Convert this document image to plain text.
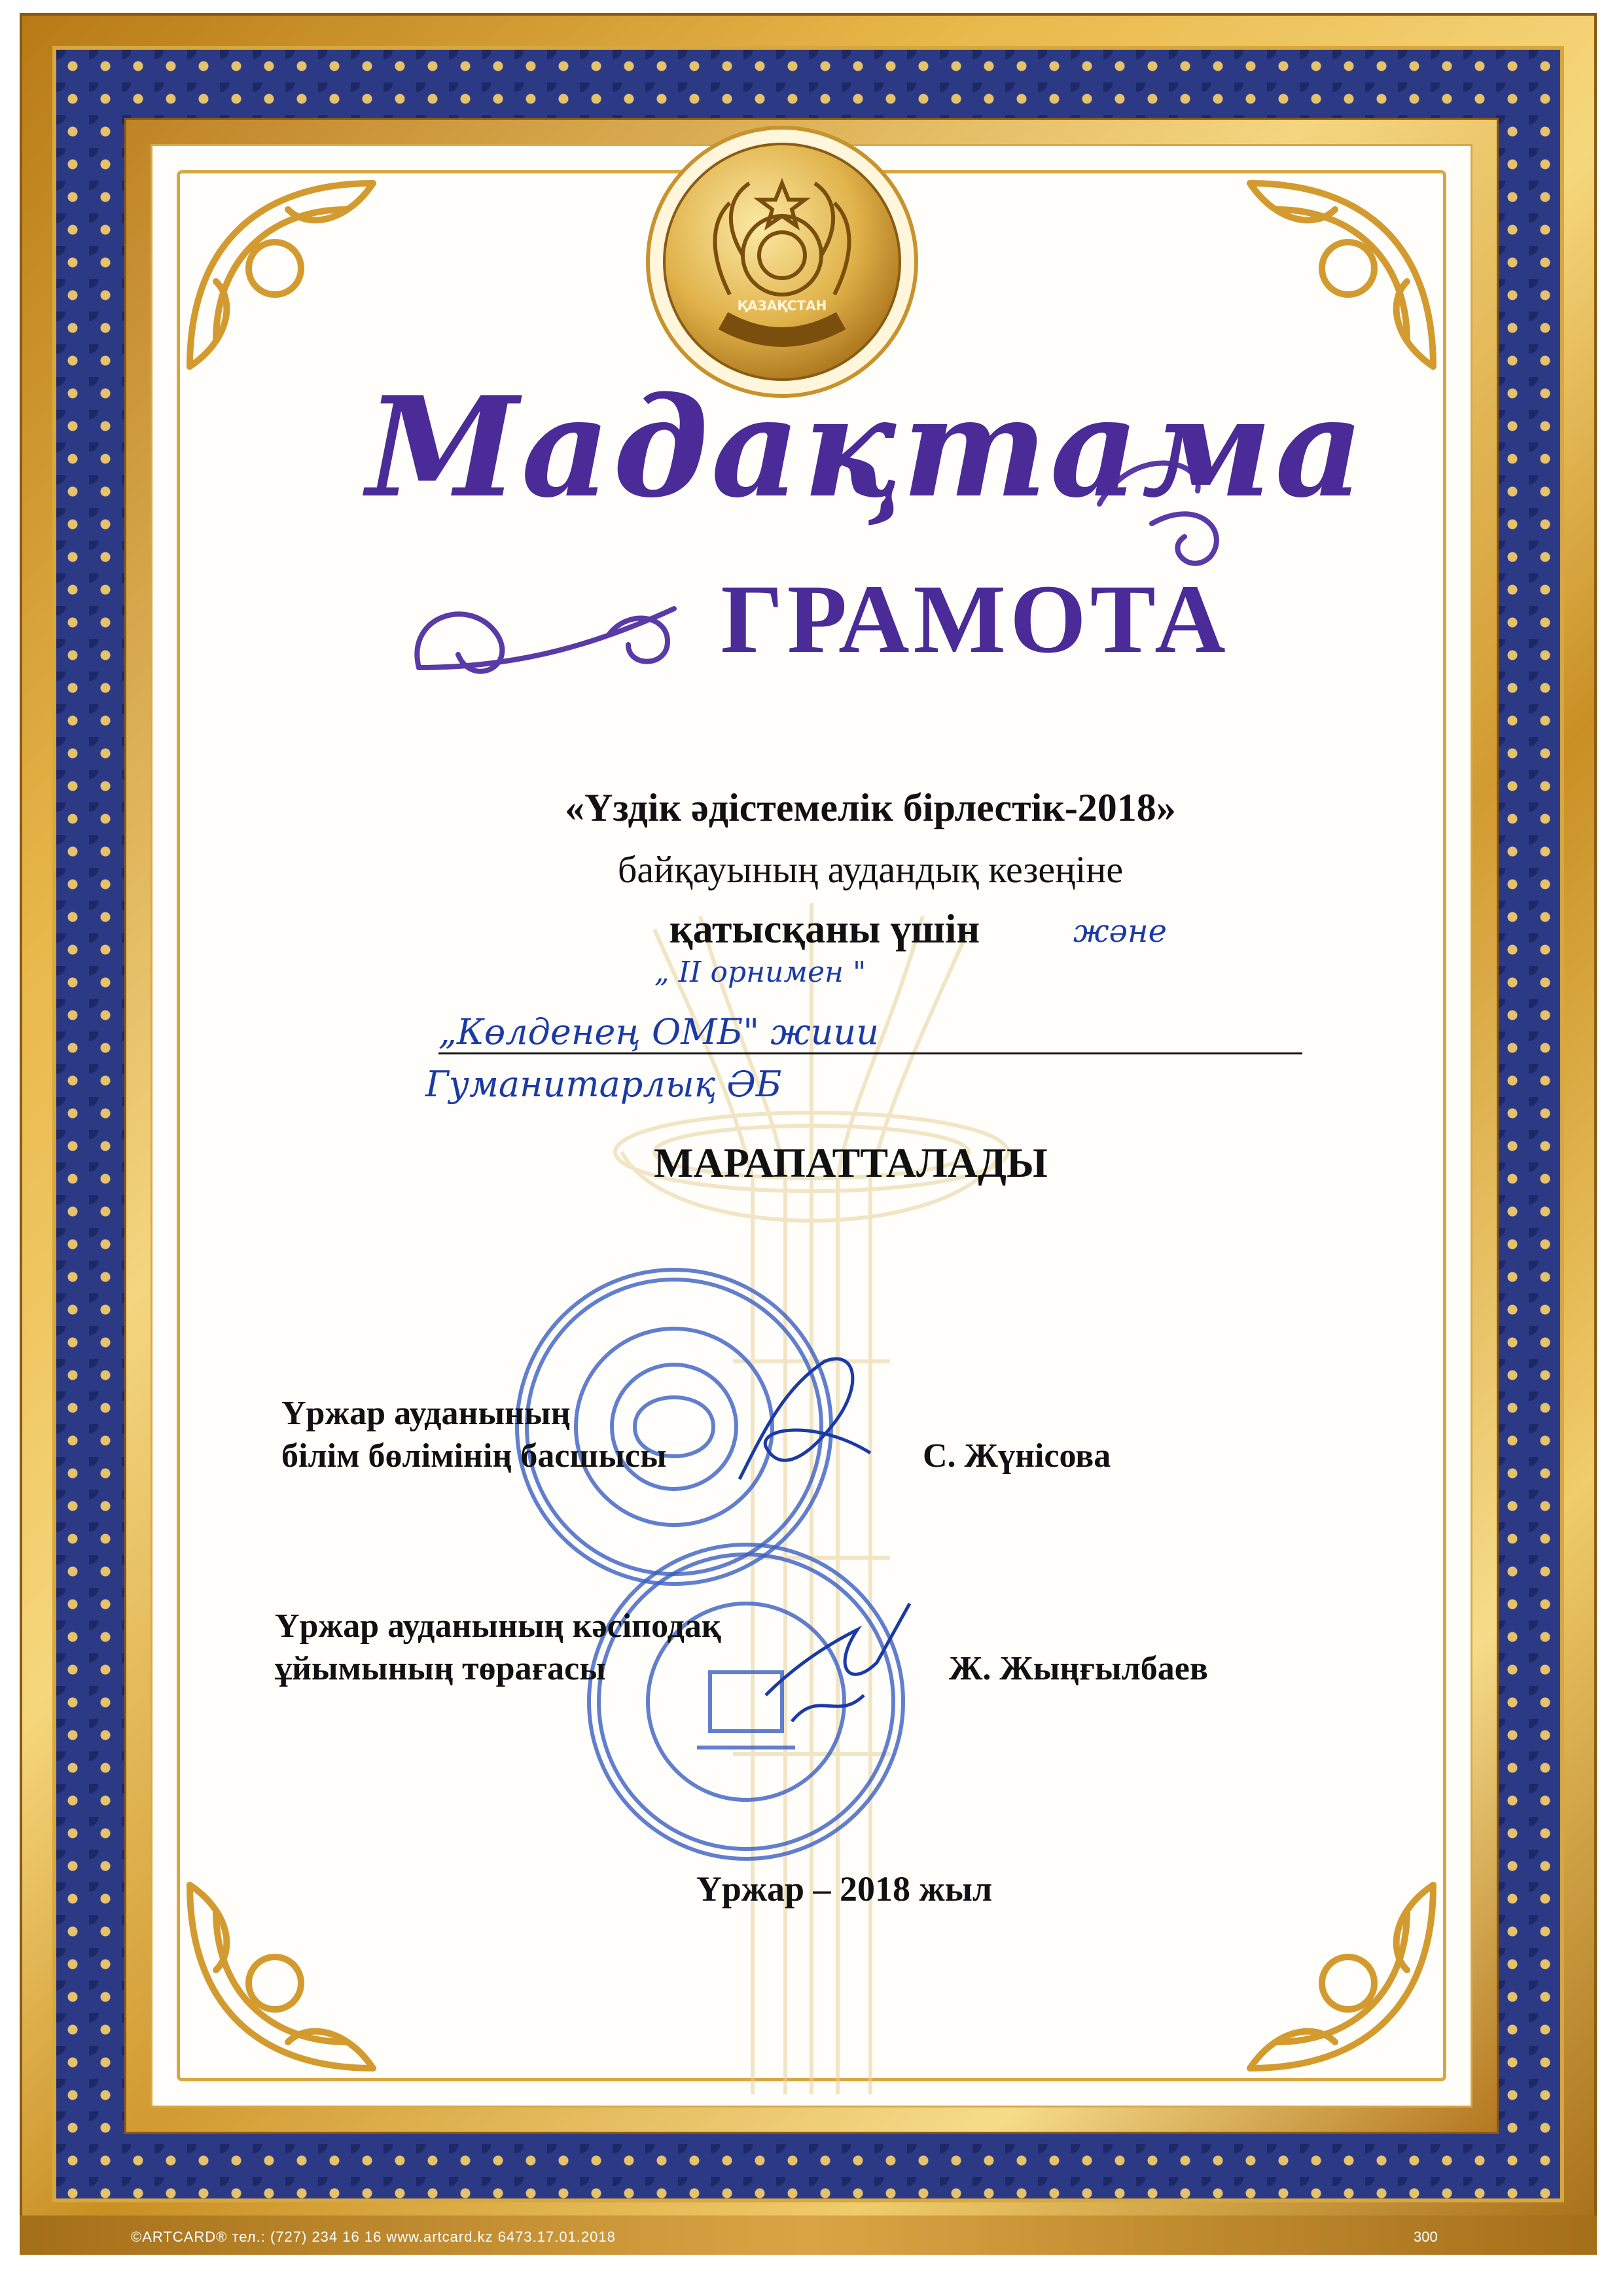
ҚАЗАҚСТАН
Мадақтама
ГРАМОТА
«Үздік әдістемелік бірлестік-2018»
байқауының аудандық кезеңіне
қатысқаны үшін	және
„ II орнимен "
„Көлденең ОМБ" жиии
Гуманитарлық ӘБ
МАРАПАТТАЛАДЫ
Үржар ауданының
білім бөлімінің басшысы	С. Жүнісова
Үржар ауданының кәсіподақ
ұйымының төрағасы	Ж. Жыңғылбаев
Үржар – 2018 жыл
©ARTCARD® тел.: (727) 234 16 16 www.artcard.kz 6473.17.01.2018	300
